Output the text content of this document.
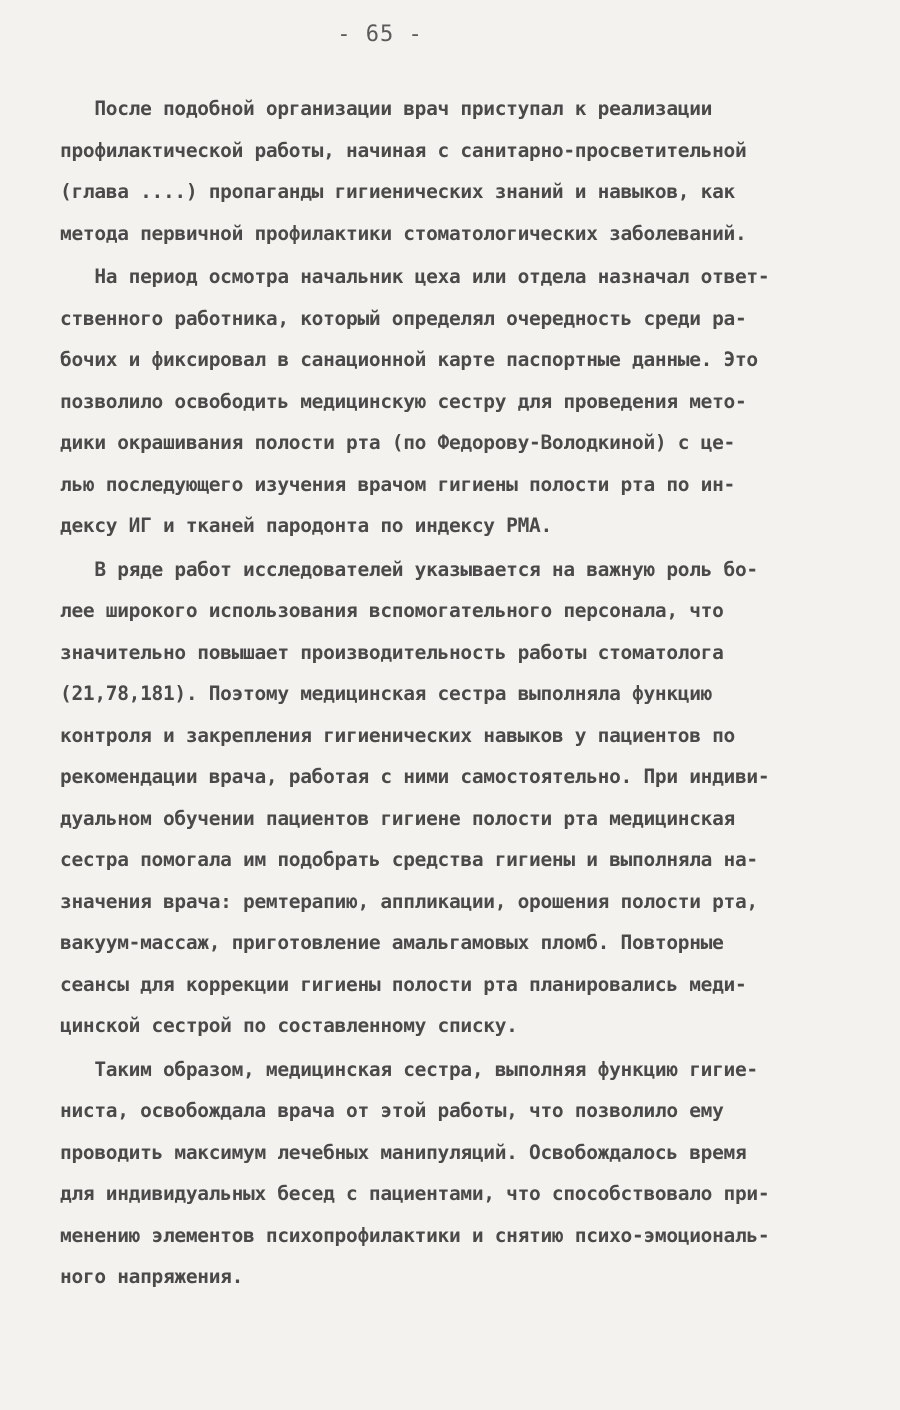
- 65 -
После подобной организации врач приступал к реализации
профилактической работы, начиная с санитарно-просветительной
(глава ....) пропаганды гигиенических знаний и навыков, как
метода первичной профилактики стоматологических заболеваний.
На период осмотра начальник цеха или отдела назначал ответ-
ственного работника, который определял очередность среди ра-
бочих и фиксировал в санационной карте паспортные данные. Это
позволило освободить медицинскую сестру для проведения мето-
дики окрашивания полости рта (по Федорову-Володкиной) с це-
лью последующего изучения врачом гигиены полости рта по ин-
дексу ИГ и тканей пародонта по индексу РМА.
В ряде работ исследователей указывается на важную роль бо-
лее широкого использования вспомогательного персонала, что
значительно повышает производительность работы стоматолога
(21,78,181). Поэтому медицинская сестра выполняла функцию
контроля и закрепления гигиенических навыков у пациентов по
рекомендации врача, работая с ними самостоятельно. При индиви-
дуальном обучении пациентов гигиене полости рта медицинская
сестра помогала им подобрать средства гигиены и выполняла на-
значения врача: ремтерапию, аппликации, орошения полости рта,
вакуум-массаж, приготовление амальгамовых пломб. Повторные
сеансы для коррекции гигиены полости рта планировались меди-
цинской сестрой по составленному списку.
Таким образом, медицинская сестра, выполняя функцию гигие-
ниста, освобождала врача от этой работы, что позволило ему
проводить максимум лечебных манипуляций. Освобождалось время
для индивидуальных бесед с пациентами, что способствовало при-
менению элементов психопрофилактики и снятию психо-эмоциональ-
ного напряжения.
